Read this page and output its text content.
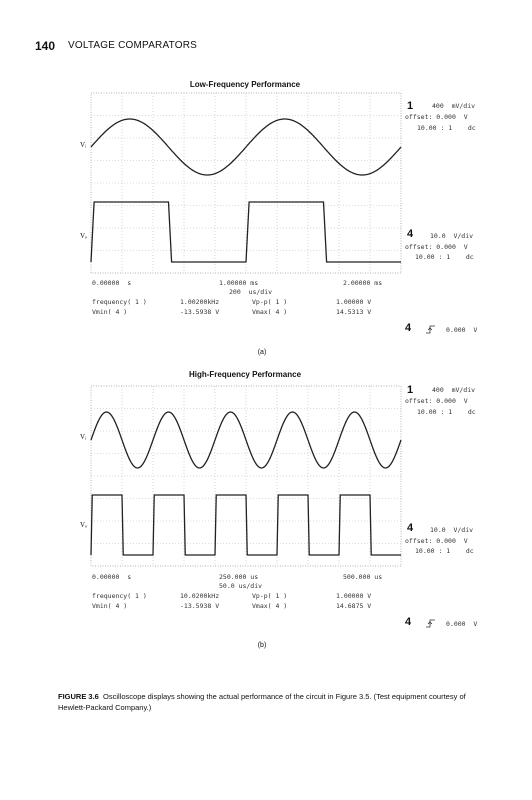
140 VOLTAGE COMPARATORS
Low-Frequency Performance
Vᵢ
Vₒ
1	400  mV/div
offset: 0.000  V
10.00 : 1    dc
4	10.0  V/div
offset: 0.000  V
10.00 : 1    dc
0.00000  s	1.00000 ms	2.00000 ms
200  us/div
frequency( 1 )	1.00200kHz	Vp-p( 1 )	1.00000 V
Vmin( 4 )	-13.5938 V	Vmax( 4 )	14.5313 V
4	0.000  V
(a)
High-Frequency Performance
Vᵢ
Vₒ
1	400  mV/div
offset: 0.000  V
10.00 : 1    dc
4	10.0  V/div
offset: 0.000  V
10.00 : 1    dc
0.00000  s	250.000 us	500.000 us
50.0 us/div
frequency( 1 )	10.0200kHz	Vp-p( 1 )	1.00000 V
Vmin( 4 )	-13.5938 V	Vmax( 4 )	14.6875 V
4	0.000  V
(b)
FIGURE 3.6 Oscilloscope displays showing the actual performance of the circuit in Figure 3.5. (Test equipment courtesy of Hewlett-Packard Company.)
